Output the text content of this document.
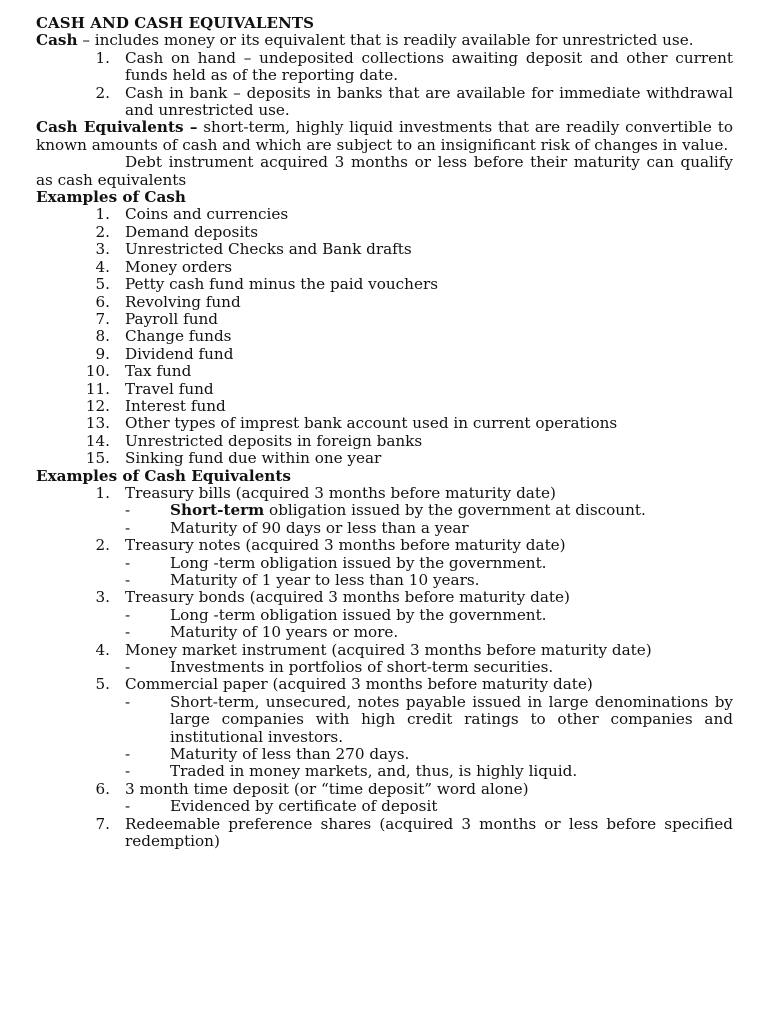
CASH AND CASH EQUIVALENTS

Cash – includes money or its equivalent that is readily available for unrestricted use.

1. Cash on hand – undeposited collections awaiting deposit and other current funds held as of the reporting date.
2. Cash in bank – deposits in banks that are available for immediate withdrawal and unrestricted use.

Cash Equivalents – short-term, highly liquid investments that are readily convertible to known amounts of cash and which are subject to an insignificant risk of changes in value.

Debt instrument acquired 3 months or less before their maturity can qualify as cash equivalents

Examples of Cash

1. Coins and currencies
2. Demand deposits
3. Unrestricted Checks and Bank drafts
4. Money orders
5. Petty cash fund minus the paid vouchers
6. Revolving fund
7. Payroll fund
8. Change funds
9. Dividend fund
10. Tax fund
11. Travel fund
12. Interest fund
13. Other types of imprest bank account used in current operations
14. Unrestricted deposits in foreign banks
15. Sinking fund due within one year

Examples of Cash Equivalents

1. Treasury bills (acquired 3 months before maturity date)
-	Short-term obligation issued by the government at discount.
-	Maturity of 90 days or less than a year
2. Treasury notes (acquired 3 months before maturity date)
-	Long -term obligation issued by the government.
-	Maturity of 1 year to less than 10 years.
3. Treasury bonds (acquired 3 months before maturity date)
-	Long -term obligation issued by the government.
-	Maturity of 10 years or more.
4. Money market instrument (acquired 3 months before maturity date)
-	Investments in portfolios of short-term securities.
5. Commercial paper (acquired 3 months before maturity date)
-	Short-term, unsecured, notes payable issued in large denominations by large companies with high credit ratings to other companies and institutional investors.
-	Maturity of less than 270 days.
-	Traded in money markets, and, thus, is highly liquid.
6. 3 month time deposit (or “time deposit” word alone)
-	Evidenced by certificate of deposit
7. Redeemable preference shares (acquired 3 months or less before specified redemption)
